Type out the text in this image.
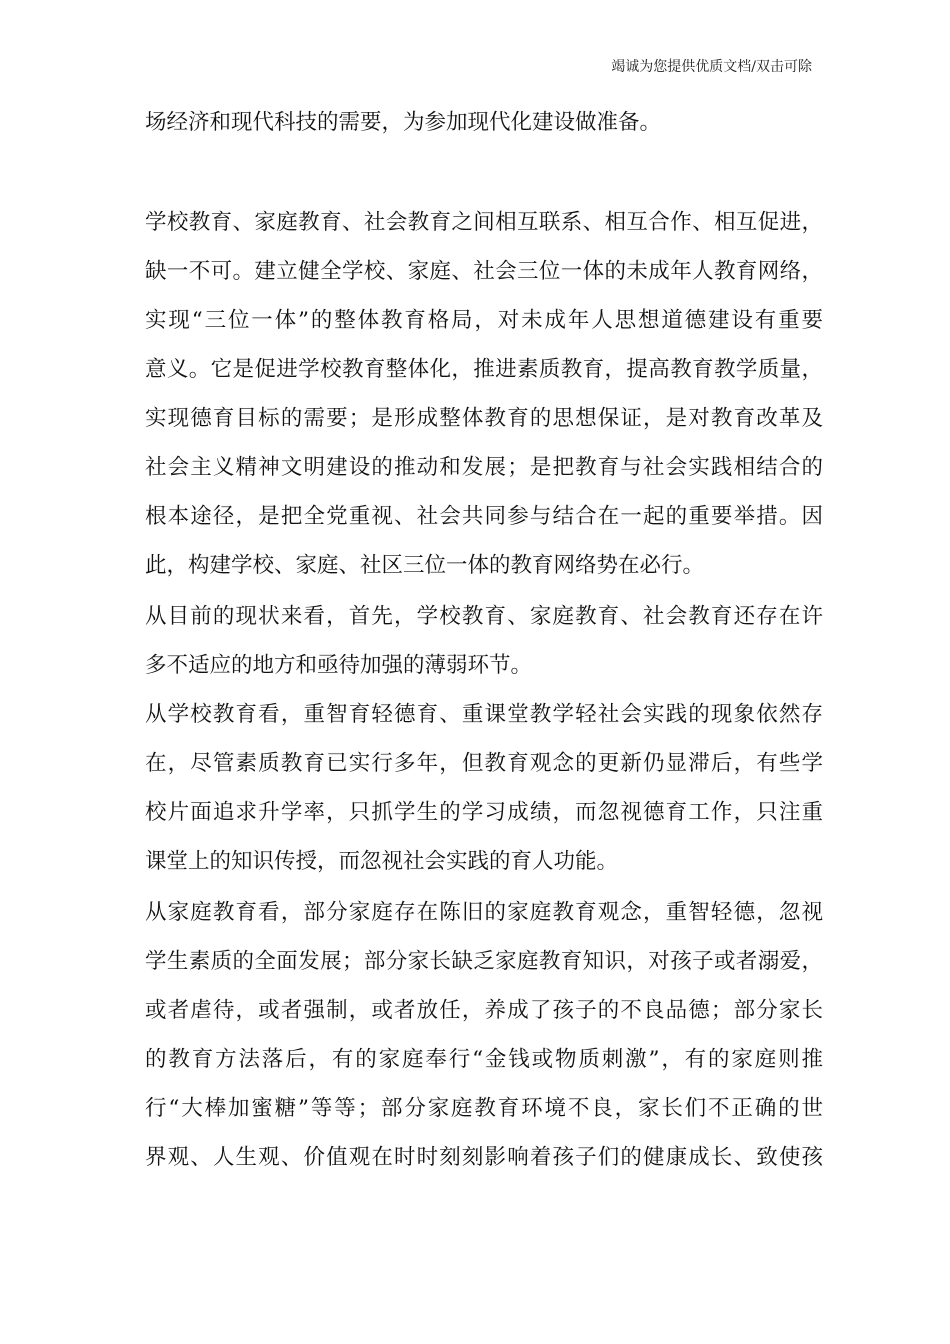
竭诚为您提供优质文档/双击可除
场经济和现代科技的需要，为参加现代化建设做准备。
学校教育、家庭教育、社会教育之间相互联系、相互合作、相互促进，
缺一不可。建立健全学校、家庭、社会三位一体的未成年人教育网络，
实现“三位一体”的整体教育格局，对未成年人思想道德建设有重要
意义。它是促进学校教育整体化，推进素质教育，提高教育教学质量，
实现德育目标的需要；是形成整体教育的思想保证，是对教育改革及
社会主义精神文明建设的推动和发展；是把教育与社会实践相结合的
根本途径，是把全党重视、社会共同参与结合在一起的重要举措。因
此，构建学校、家庭、社区三位一体的教育网络势在必行。
从目前的现状来看，首先，学校教育、家庭教育、社会教育还存在许
多不适应的地方和亟待加强的薄弱环节。
从学校教育看，重智育轻德育、重课堂教学轻社会实践的现象依然存
在，尽管素质教育已实行多年，但教育观念的更新仍显滞后，有些学
校片面追求升学率，只抓学生的学习成绩，而忽视德育工作，只注重
课堂上的知识传授，而忽视社会实践的育人功能。
从家庭教育看，部分家庭存在陈旧的家庭教育观念，重智轻德，忽视
学生素质的全面发展；部分家长缺乏家庭教育知识，对孩子或者溺爱，
或者虐待，或者强制，或者放任，养成了孩子的不良品德；部分家长
的教育方法落后，有的家庭奉行“金钱或物质刺激”，有的家庭则推
行“大棒加蜜糖”等等；部分家庭教育环境不良，家长们不正确的世
界观、人生观、价值观在时时刻刻影响着孩子们的健康成长、致使孩
